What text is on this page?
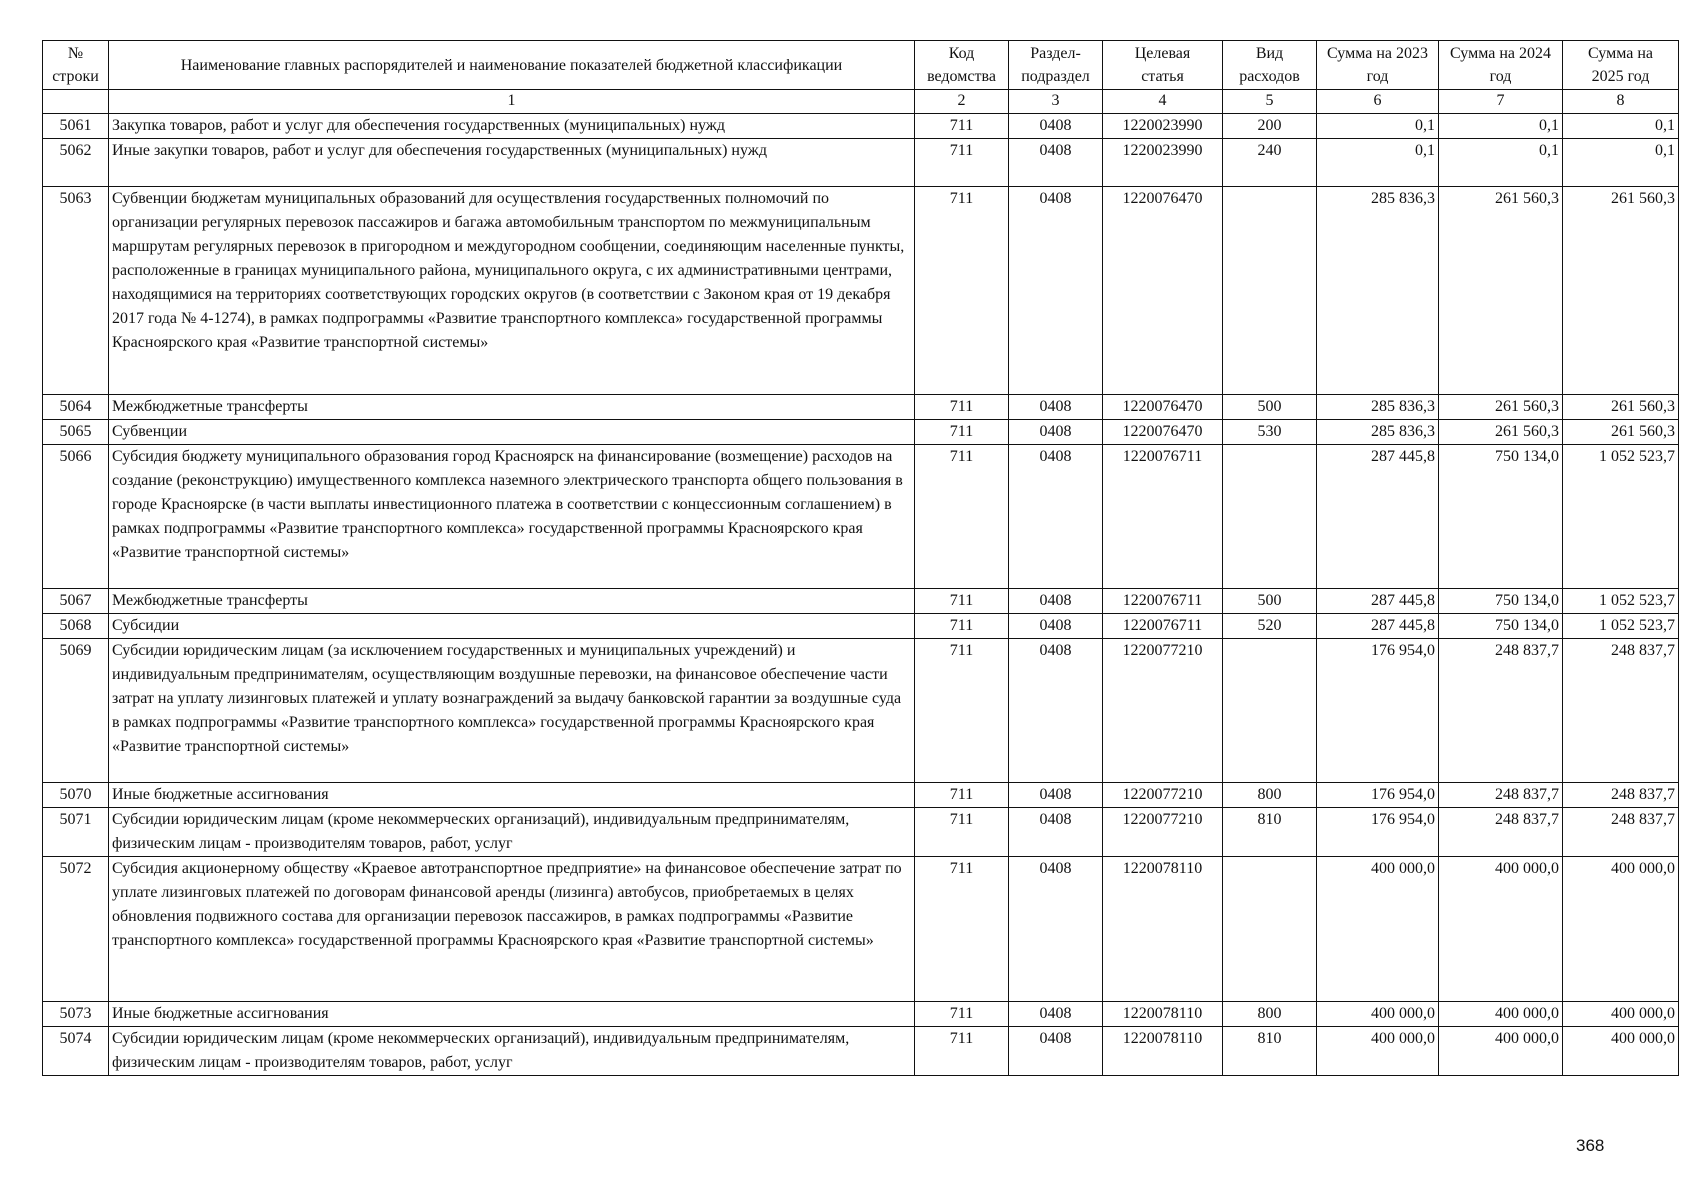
№ строки	Наименование главных распорядителей и наименование показателей бюджетной классификации	Код ведомства	Раздел-подраздел	Целевая статья	Вид расходов	Сумма на 2023 год	Сумма на 2024 год	Сумма на 2025 год
	1	2	3	4	5	6	7	8
5061	Закупка товаров, работ и услуг для обеспечения государственных (муниципальных) нужд	711	0408	1220023990	200	0,1	0,1	0,1
5062	Иные закупки товаров, работ и услуг для обеспечения государственных (муниципальных) нужд	711	0408	1220023990	240	0,1	0,1	0,1
5063	Субвенции бюджетам муниципальных образований для осуществления государственных полномочий по организации регулярных перевозок пассажиров и багажа автомобильным транспортом по межмуниципальным маршрутам регулярных перевозок в пригородном и междугородном сообщении, соединяющим населенные пункты, расположенные в границах муниципального района, муниципального округа, с их административными центрами, находящимися на территориях соответствующих городских округов (в соответствии с Законом края от 19 декабря 2017 года № 4-1274), в рамках подпрограммы «Развитие транспортного комплекса» государственной программы Красноярского края «Развитие транспортной системы»	711	0408	1220076470		285 836,3	261 560,3	261 560,3
5064	Межбюджетные трансферты	711	0408	1220076470	500	285 836,3	261 560,3	261 560,3
5065	Субвенции	711	0408	1220076470	530	285 836,3	261 560,3	261 560,3
5066	Субсидия бюджету муниципального образования город Красноярск на финансирование (возмещение) расходов на создание (реконструкцию) имущественного комплекса наземного электрического транспорта общего пользования в городе Красноярске (в части выплаты инвестиционного платежа в соответствии с концессионным соглашением) в рамках подпрограммы «Развитие транспортного комплекса» государственной программы Красноярского края «Развитие транспортной системы»	711	0408	1220076711		287 445,8	750 134,0	1 052 523,7
5067	Межбюджетные трансферты	711	0408	1220076711	500	287 445,8	750 134,0	1 052 523,7
5068	Субсидии	711	0408	1220076711	520	287 445,8	750 134,0	1 052 523,7
5069	Субсидии юридическим лицам (за исключением государственных и муниципальных учреждений) и индивидуальным предпринимателям, осуществляющим воздушные перевозки, на финансовое обеспечение части затрат на уплату лизинговых платежей и уплату вознаграждений за выдачу банковской гарантии за воздушные суда в рамках подпрограммы «Развитие транспортного комплекса» государственной программы Красноярского края «Развитие транспортной системы»	711	0408	1220077210		176 954,0	248 837,7	248 837,7
5070	Иные бюджетные ассигнования	711	0408	1220077210	800	176 954,0	248 837,7	248 837,7
5071	Субсидии юридическим лицам (кроме некоммерческих организаций), индивидуальным предпринимателям, физическим лицам - производителям товаров, работ, услуг	711	0408	1220077210	810	176 954,0	248 837,7	248 837,7
5072	Субсидия акционерному обществу «Краевое автотранспортное предприятие» на финансовое обеспечение затрат по уплате лизинговых платежей по договорам финансовой аренды (лизинга) автобусов, приобретаемых в целях обновления подвижного состава для организации перевозок пассажиров, в рамках подпрограммы «Развитие транспортного комплекса» государственной программы Красноярского края «Развитие транспортной системы»	711	0408	1220078110		400 000,0	400 000,0	400 000,0
5073	Иные бюджетные ассигнования	711	0408	1220078110	800	400 000,0	400 000,0	400 000,0
5074	Субсидии юридическим лицам (кроме некоммерческих организаций), индивидуальным предпринимателям, физическим лицам - производителям товаров, работ, услуг	711	0408	1220078110	810	400 000,0	400 000,0	400 000,0
368
